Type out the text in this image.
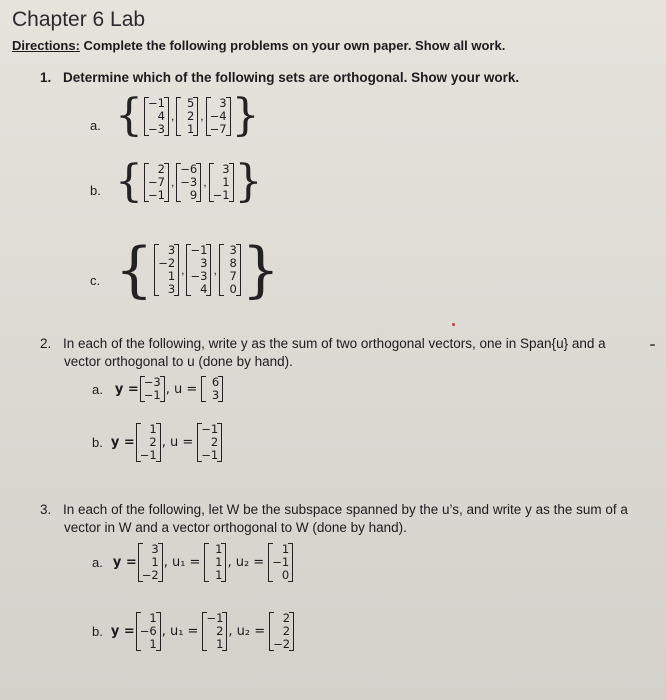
Chapter 6 Lab
Directions: Complete the following problems on your own paper. Show all work.
1. Determine which of the following sets are orthogonal. Show your work.
a. { −1
4
−3
,
5
2
1
,
3
−4
−7 }
b. {	2
−7
−1
,
−6
−3
9
,
3
1
−1 }
c. {	3
−2
1
3
,
−1
3
−3
4
,
3
8
7
0 }
2. In each of the following, write y as the sum of two orthogonal vectors, one in Span{u} and a
vector orthogonal to u (done by hand).
a. y = −3
−1 , u =	6
3
b. y =
1
2
−1
, u =
−1
2
−1
3. In each of the following, let W be the subspace spanned by the u’s, and write y as the sum of a
vector in W and a vector orthogonal to W (done by hand).
a. y =
3
1
−2
, u₁ =
1
1
1
, u₂ =
1
−1
0
b. y =
1
−6
1
, u₁ =
−1
2
1
, u₂ =
2
2
−2
